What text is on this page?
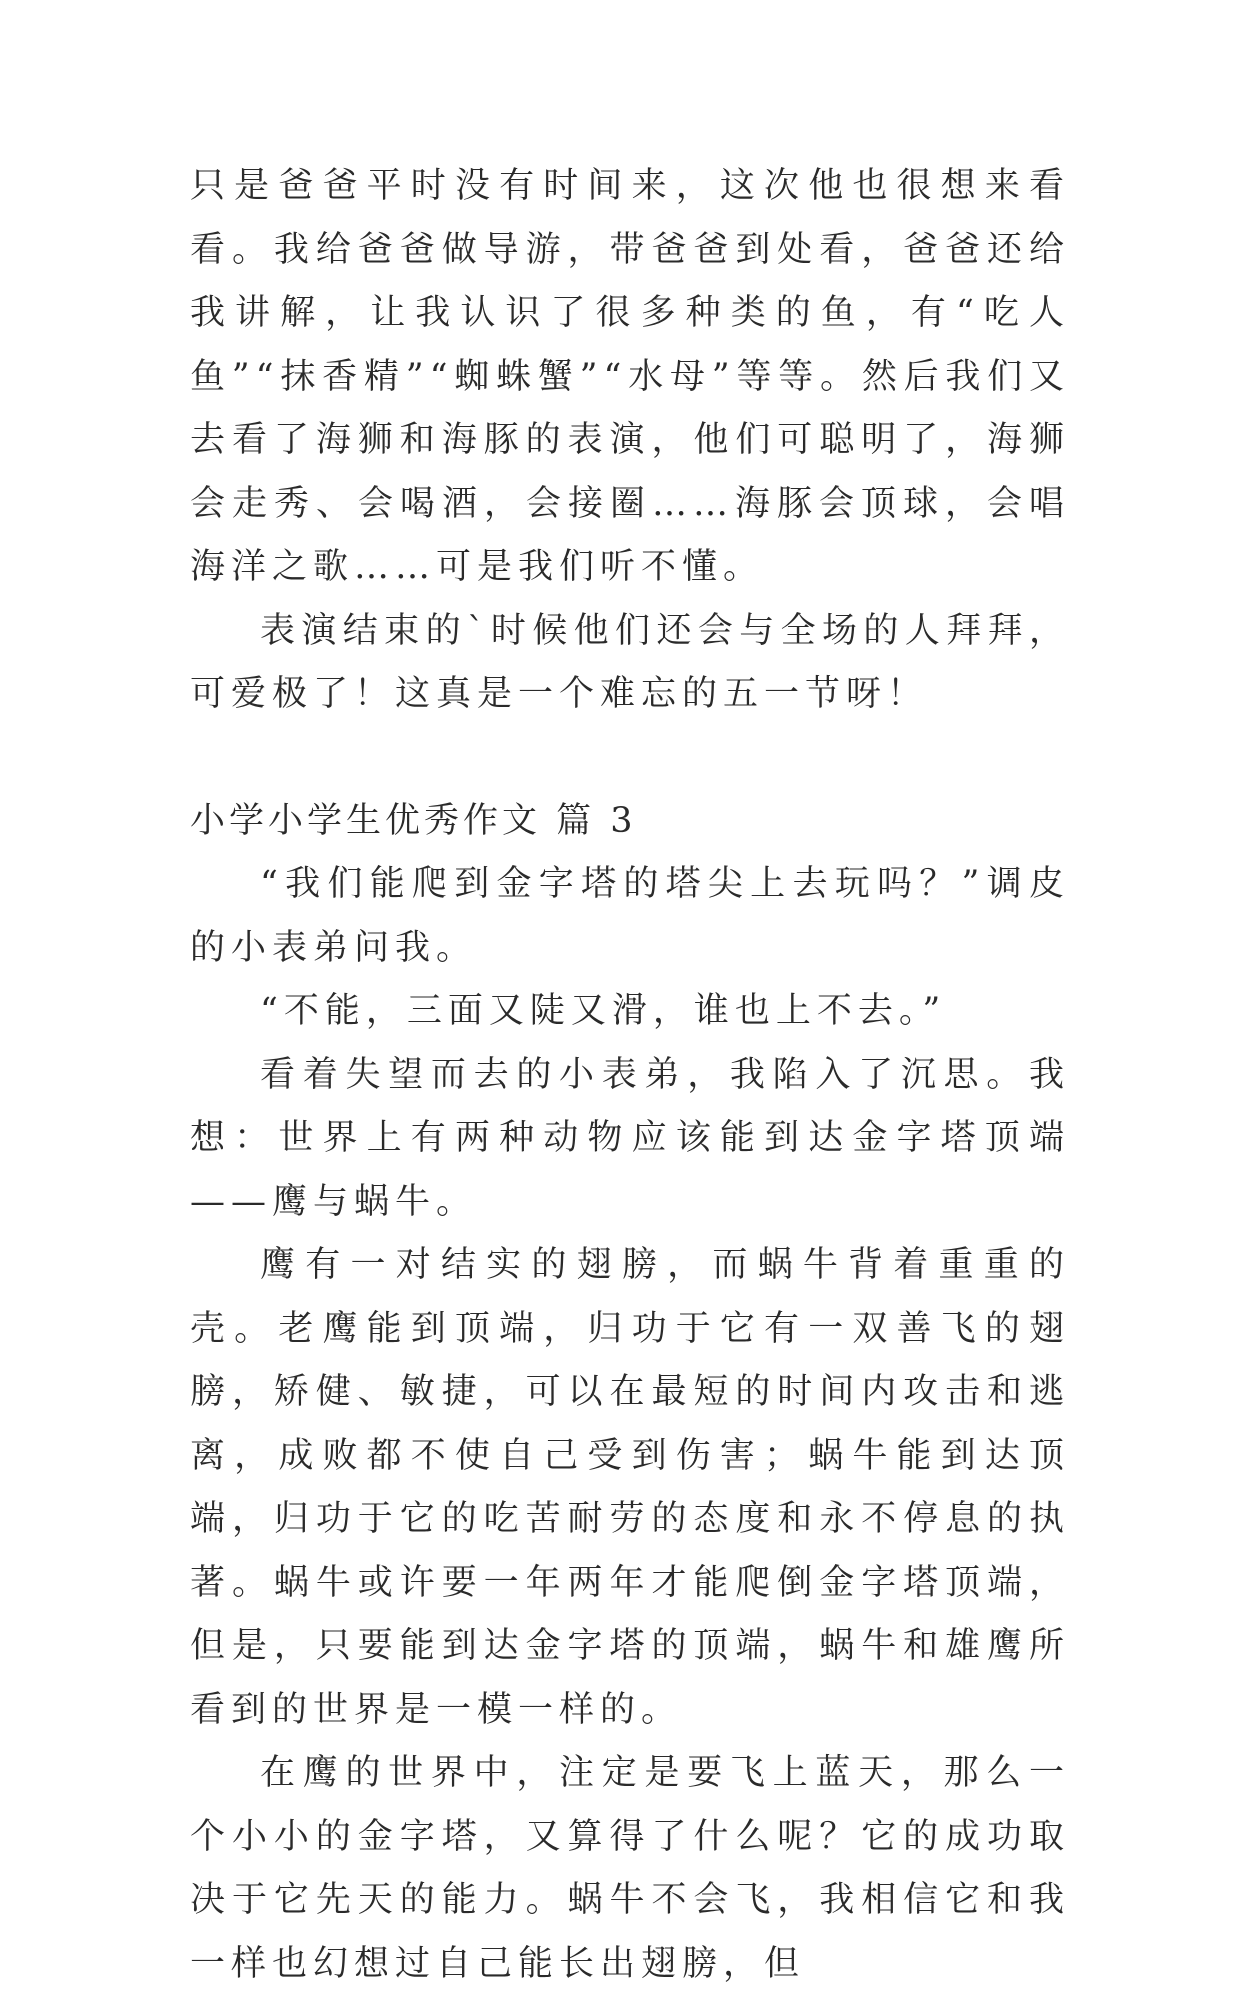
只是爸爸平时没有时间来，这次他也很想来看看。我给爸爸做导游，带爸爸到处看，爸爸还给我讲解，让我认识了很多种类的鱼，有“吃人鱼”“抹香精”“蜘蛛蟹”“水母”等等。然后我们又去看了海狮和海豚的表演，他们可聪明了，海狮会走秀、会喝酒，会接圈……海豚会顶球，会唱海洋之歌……可是我们听不懂。

表演结束的`时候他们还会与全场的人拜拜，可爱极了！这真是一个难忘的五一节呀！

小学小学生优秀作文 篇 3

“我们能爬到金字塔的塔尖上去玩吗？”调皮的小表弟问我。

“不能，三面又陡又滑，谁也上不去。”

看着失望而去的小表弟，我陷入了沉思。我想：世界上有两种动物应该能到达金字塔顶端——鹰与蜗牛。

鹰有一对结实的翅膀，而蜗牛背着重重的壳。老鹰能到顶端，归功于它有一双善飞的翅膀，矫健、敏捷，可以在最短的时间内攻击和逃离，成败都不使自己受到伤害；蜗牛能到达顶端，归功于它的吃苦耐劳的态度和永不停息的执著。蜗牛或许要一年两年才能爬倒金字塔顶端，但是，只要能到达金字塔的顶端，蜗牛和雄鹰所看到的世界是一模一样的。

在鹰的世界中，注定是要飞上蓝天，那么一个小小的金字塔，又算得了什么呢？它的成功取决于它先天的能力。蜗牛不会飞，我相信它和我一样也幻想过自己能长出翅膀，但
